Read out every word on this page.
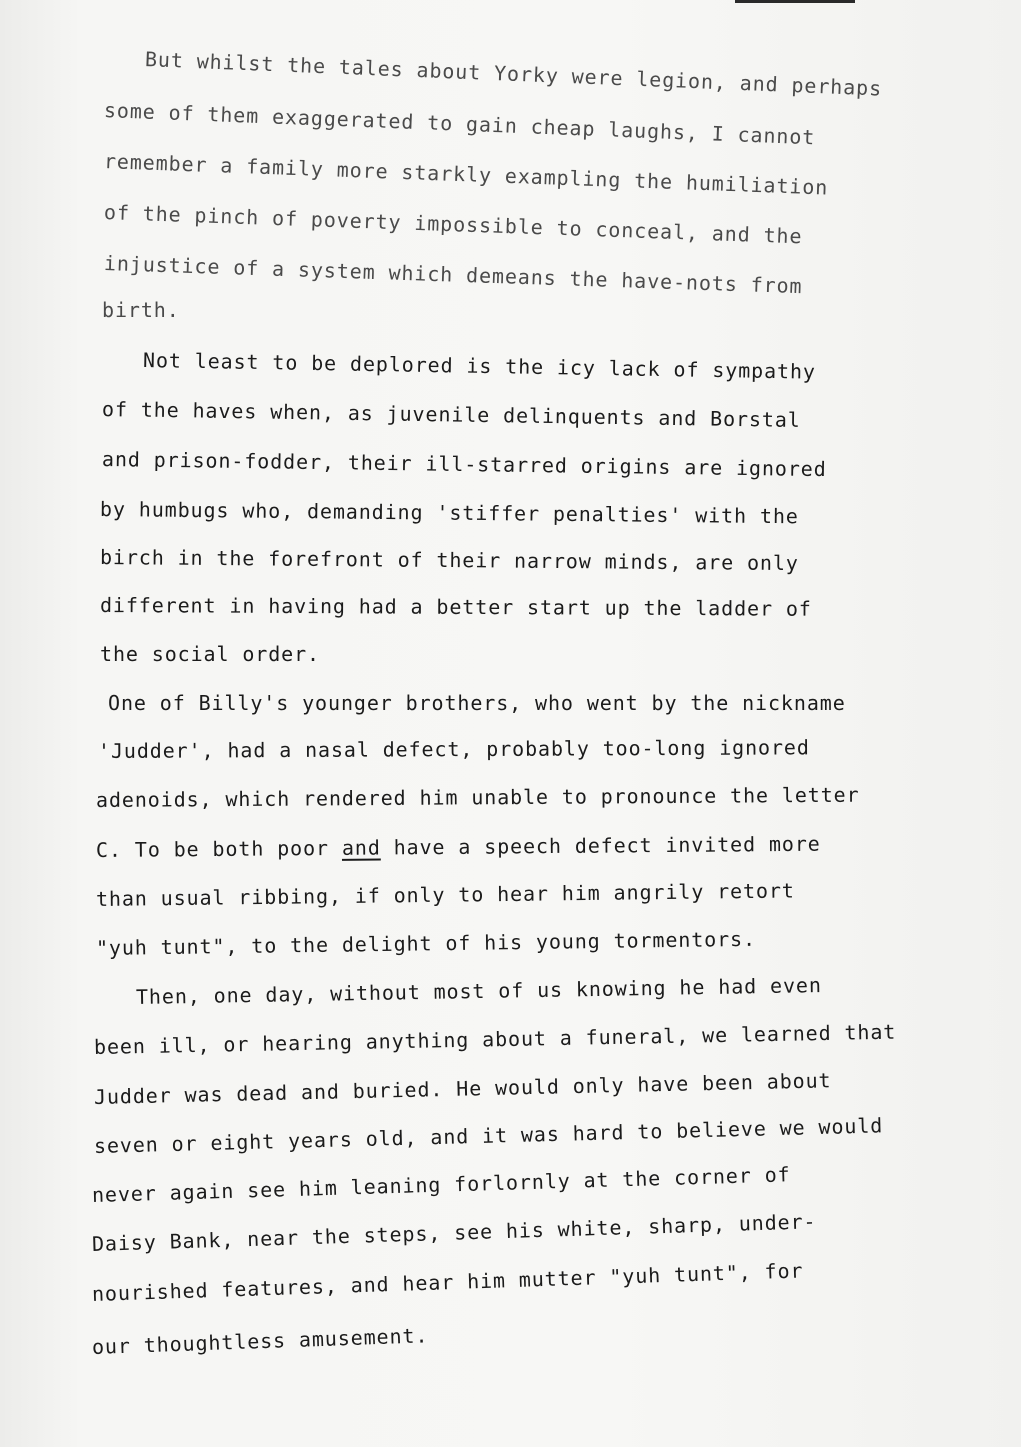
But whilst the tales about Yorky were legion, and perhaps
some of them exaggerated to gain cheap laughs, I cannot
remember a family more starkly exampling the humiliation
of the pinch of poverty impossible to conceal, and the
injustice of a system which demeans the have-nots from
birth.
Not least to be deplored is the icy lack of sympathy
of the haves when, as juvenile delinquents and Borstal
and prison-fodder, their ill-starred origins are ignored
by humbugs who, demanding 'stiffer penalties' with the
birch in the forefront of their narrow minds, are only
different in having had a better start up the ladder of
the social order.
One of Billy's younger brothers, who went by the nickname
'Judder', had a nasal defect, probably too-long ignored
adenoids, which rendered him unable to pronounce the letter
C. To be both poor and have a speech defect invited more
than usual ribbing, if only to hear him angrily retort
"yuh tunt", to the delight of his young tormentors.
Then, one day, without most of us knowing he had even
been ill, or hearing anything about a funeral, we learned that
Judder was dead and buried. He would only have been about
seven or eight years old, and it was hard to believe we would
never again see him leaning forlornly at the corner of
Daisy Bank, near the steps, see his white, sharp, under-
nourished features, and hear him mutter "yuh tunt", for
our thoughtless amusement.
